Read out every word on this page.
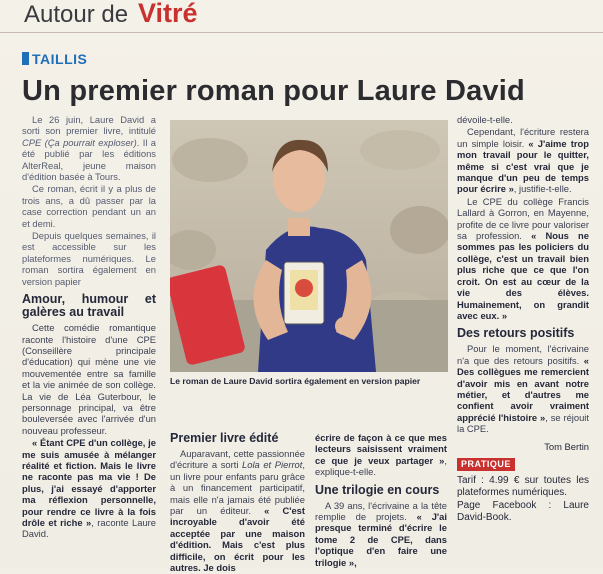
Autour de Vitré
TAILLIS
Un premier roman pour Laure David

Le 26 juin, Laure David a sorti son premier livre, intitulé CPE (Ça pourrait exploser). Il a été publié par les éditions AlterReal, jeune maison d'édition basée à Tours.

Ce roman, écrit il y a plus de trois ans, a dû passer par la case correction pendant un an et demi.

Depuis quelques semaines, il est accessible sur les plateformes numériques. Le roman sortira également en version papier

Amour, humour et galères au travail

Cette comédie romantique raconte l'histoire d'une CPE (Conseillère principale d'éducation) qui mène une vie mouvementée entre sa famille et la vie animée de son collège. La vie de Léa Guterbour, le personnage principal, va être bouleversée avec l'arrivée d'un nouveau professeur.

« Étant CPE d'un collège, je me suis amusée à mélanger réalité et fiction. Mais le livre ne raconte pas ma vie ! De plus, j'ai essayé d'apporter ma réflexion personnelle, pour rendre ce livre à la fois drôle et riche », raconte Laure David.

Le roman de Laure David sortira également en version papier
Premier livre édité

Auparavant, cette passionnée d'écriture a sorti Lola et Pierrot, un livre pour enfants paru grâce à un financement participatif, mais elle n'a jamais été publiée par un éditeur. « C'est incroyable d'avoir été acceptée par une maison d'édition. Mais c'est plus difficile, on écrit pour les autres. Je dois

écrire de façon à ce que mes lecteurs saisissent vraiment ce que je veux partager », explique-t-elle.

Une trilogie en cours

A 39 ans, l'écrivaine a la tête remplie de projets. « J'ai presque terminé d'écrire le tome 2 de CPE, dans l'optique d'en faire une trilogie »,

dévoile-t-elle.

Cependant, l'écriture restera un simple loisir. « J'aime trop mon travail pour le quitter, même si c'est vrai que je manque d'un peu de temps pour écrire », justifie-t-elle.

Le CPE du collège Francis Lallard à Gorron, en Mayenne, profite de ce livre pour valoriser sa profession. « Nous ne sommes pas les policiers du collège, c'est un travail bien plus riche que ce que l'on croit. On est au cœur de la vie des élèves. Humainement, on grandit avec eux. »

Des retours positifs

Pour le moment, l'écrivaine n'a que des retours positifs. « Des collègues me remercient d'avoir mis en avant notre métier, et d'autres me confient avoir vraiment apprécié l'histoire », se réjouit la CPE.

Tom Bertin
PRATIQUE
Tarif : 4.99 € sur toutes les plateformes numériques.
Page Facebook : Laure David-Book.
